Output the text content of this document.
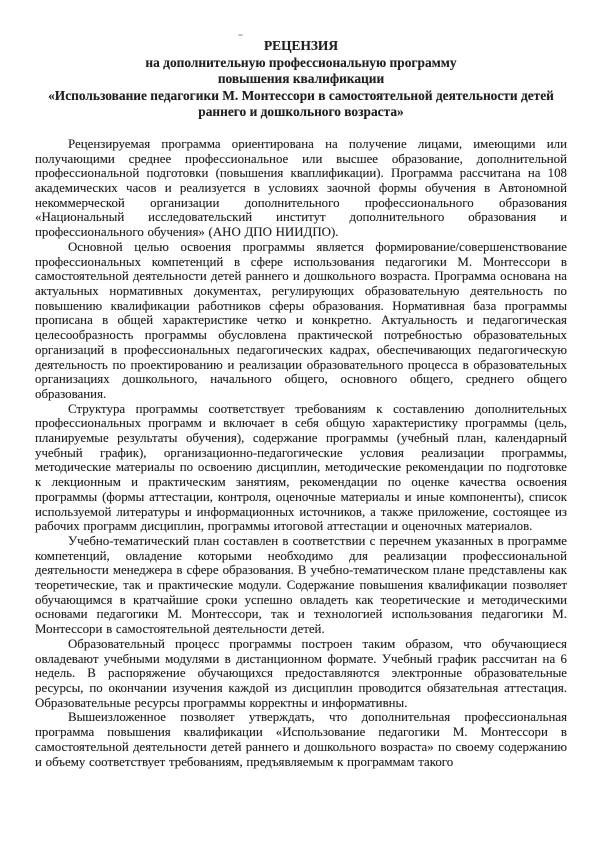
РЕЦЕНЗИЯ
на дополнительную профессиональную программу
повышения квалификации
«Использование педагогики М. Монтессори в самостоятельной деятельности детей
раннего и дошкольного возраста»

Рецензируемая программа ориентирована на получение лицами, имеющими или получающими среднее профессиональное или высшее образование, дополнительной профессиональной подготовки (повышения кваплификации). Программа рассчитана на 108 академических часов и реализуется в условиях заочной формы обучения в Автономной некоммерческой организации дополнительного профессионального образования «Национальный исследовательский институт дополнительного образования и профессионального обучения» (АНО ДПО НИИДПО).

Основной целью освоения программы является формирование/совершенствование профессиональных компетенций в сфере использования педагогики М. Монтессори в самостоятельной деятельности детей раннего и дошкольного возраста. Программа основана на актуальных нормативных документах, регулирующих образовательную деятельность по повышению квалификации работников сферы образования. Нормативная база программы прописана в общей характеристике четко и конкретно. Актуальность и педагогическая целесообразность программы обусловлена практической потребностью образовательных организаций в профессиональных педагогических кадрах, обеспечивающих педагогическую деятельность по проектированию и реализации образовательного процесса в образовательных организациях дошкольного, начального общего, основного общего, среднего общего образования.

Структура программы соответствует требованиям к составлению дополнительных профессиональных программ и включает в себя общую характеристику программы (цель, планируемые результаты обучения), содержание программы (учебный план, календарный учебный график), организационно-педагогические условия реализации программы, методические материалы по освоению дисциплин, методические рекомендации по подготовке к лекционным и практическим занятиям, рекомендации по оценке качества освоения программы (формы аттестации, контроля, оценочные материалы и иные компоненты), список используемой литературы и информационных источников, а также приложение, состоящее из рабочих программ дисциплин, программы итоговой аттестации и оценочных материалов.

Учебно-тематический план составлен в соответствии с перечнем указанных в программе компетенций, овладение которыми необходимо для реализации профессиональной деятельности менеджера в сфере образования. В учебно-тематическом плане представлены как теоретические, так и практические модули. Содержание повышения квалификации позволяет обучающимся в кратчайшие сроки успешно овладеть как теоретические и методическими основами педагогики М. Монтессори, так и технологией использования педагогики М. Монтессори в самостоятельной деятельности детей.

Образовательный процесс программы построен таким образом, что обучающиеся овладевают учебными модулями в дистанционном формате. Учебный график рассчитан на 6 недель. В распоряжение обучающихся предоставляются электронные образовательные ресурсы, по окончании изучения каждой из дисциплин проводится обязательная аттестация. Образовательные ресурсы программы корректны и информативны.

Вышеизложенное позволяет утверждать, что дополнительная профессиональная программа повышения квалификации «Использование педагогики М. Монтессори в самостоятельной деятельности детей раннего и дошкольного возраста» по своему содержанию и объему соответствует требованиям, предъявляемым к программам такого
